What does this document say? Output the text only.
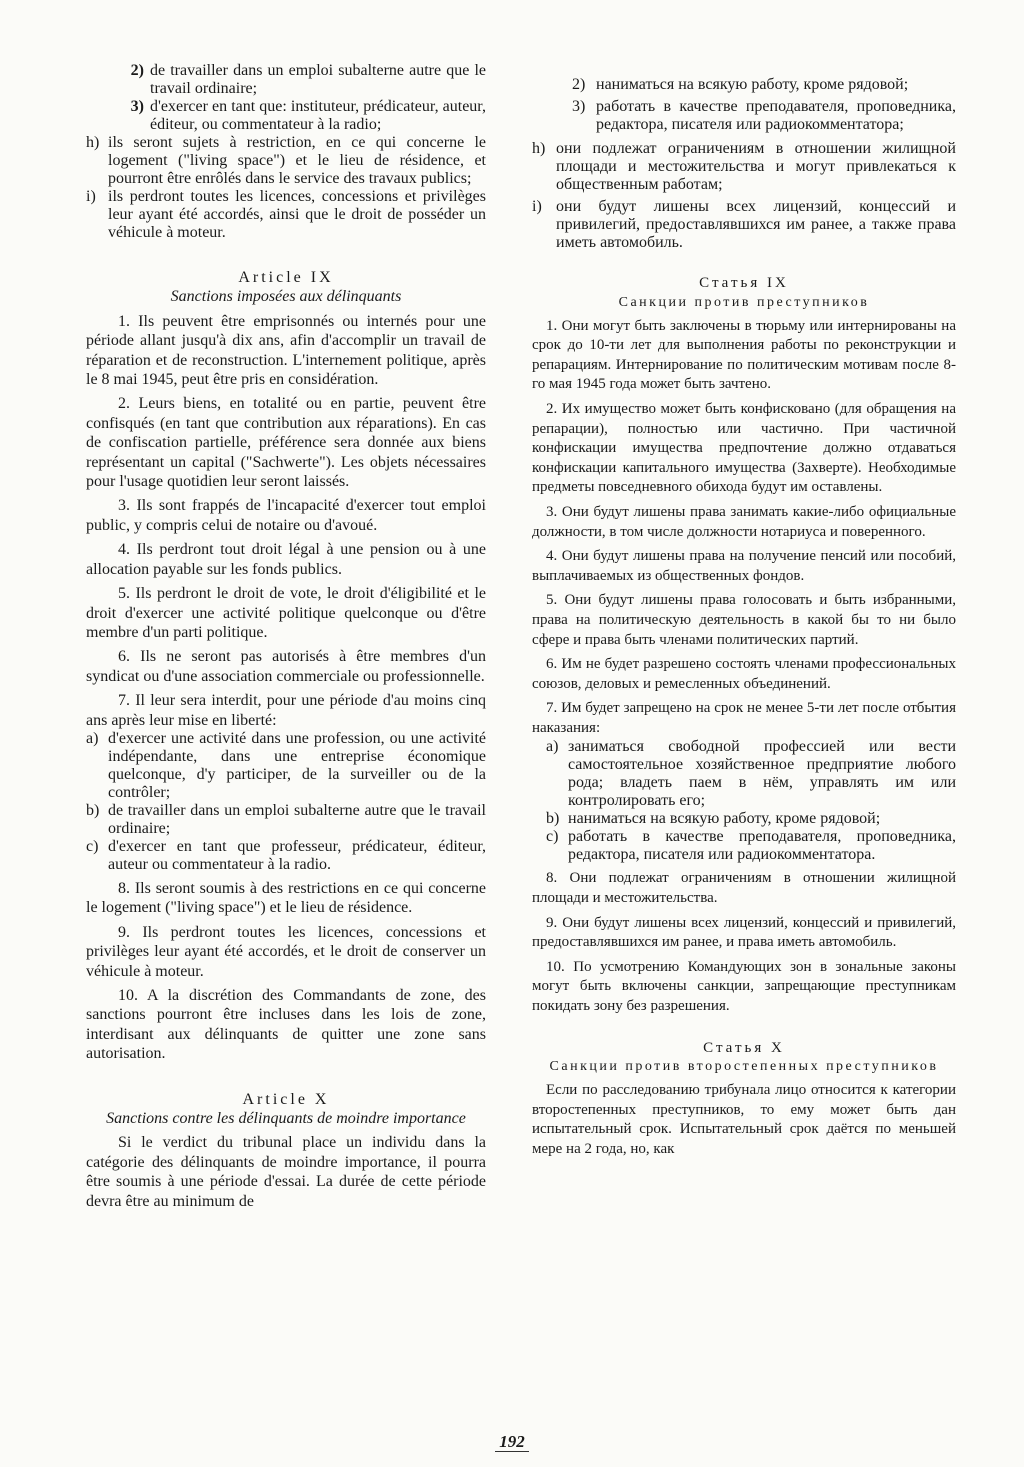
2) de travailler dans un emploi subalterne autre que le travail ordinaire;
3) d'exercer en tant que: instituteur, prédicateur, auteur, éditeur, ou commentateur à la radio;
h) ils seront sujets à restriction, en ce qui concerne le logement ("living space") et le lieu de résidence, et pourront être enrôlés dans le service des travaux publics;
i) ils perdront toutes les licences, concessions et privilèges leur ayant été accordés, ainsi que le droit de posséder un véhicule à moteur.

Article IX

Sanctions imposées aux délinquants

1. Ils peuvent être emprisonnés ou internés pour une période allant jusqu'à dix ans, afin d'accomplir un travail de réparation et de reconstruction. L'internement politique, après le 8 mai 1945, peut être pris en considération.

2. Leurs biens, en totalité ou en partie, peuvent être confisqués (en tant que contribution aux réparations). En cas de confiscation partielle, préférence sera donnée aux biens représentant un capital ("Sachwerte"). Les objets nécessaires pour l'usage quotidien leur seront laissés.

3. Ils sont frappés de l'incapacité d'exercer tout emploi public, y compris celui de notaire ou d'avoué.

4. Ils perdront tout droit légal à une pension ou à une allocation payable sur les fonds publics.

5. Ils perdront le droit de vote, le droit d'éligibilité et le droit d'exercer une activité politique quelconque ou d'être membre d'un parti politique.

6. Ils ne seront pas autorisés à être membres d'un syndicat ou d'une association commerciale ou professionnelle.

7. Il leur sera interdit, pour une période d'au moins cinq ans après leur mise en liberté:

a) d'exercer une activité dans une profession, ou une activité indépendante, dans une entreprise économique quelconque, d'y participer, de la surveiller ou de la contrôler;
b) de travailler dans un emploi subalterne autre que le travail ordinaire;
c) d'exercer en tant que professeur, prédicateur, éditeur, auteur ou commentateur à la radio.

8. Ils seront soumis à des restrictions en ce qui concerne le logement ("living space") et le lieu de résidence.

9. Ils perdront toutes les licences, concessions et privilèges leur ayant été accordés, et le droit de conserver un véhicule à moteur.

10. A la discrétion des Commandants de zone, des sanctions pourront être incluses dans les lois de zone, interdisant aux délinquants de quitter une zone sans autorisation.

Article X

Sanctions contre les délinquants de moindre importance

Si le verdict du tribunal place un individu dans la catégorie des délinquants de moindre importance, il pourra être soumis à une période d'essai. La durée de cette période devra être au minimum de

2) наниматься на всякую работу, кроме рядовой;
3) работать в качестве преподавателя, проповедника, редактора, писателя или радиокомментатора;
h) они подлежат ограничениям в отношении жилищной площади и местожительства и могут привлекаться к общественным работам;
i) они будут лишены всех лицензий, концессий и привилегий, предоставлявшихся им ранее, а также права иметь автомобиль.

Статья IX

Санкции против преступников

1. Они могут быть заключены в тюрьму или интернированы на срок до 10-ти лет для выполнения работы по реконструкции и репарациям. Интернирование по политическим мотивам после 8-го мая 1945 года может быть зачтено.

2. Их имущество может быть конфисковано (для обращения на репарации), полностью или частично. При частичной конфискации имущества предпочтение должно отдаваться конфискации капитального имущества (Захверте). Необходимые предметы повседневного обихода будут им оставлены.

3. Они будут лишены права занимать какие-либо официальные должности, в том числе должности нотариуса и поверенного.

4. Они будут лишены права на получение пенсий или пособий, выплачиваемых из общественных фондов.

5. Они будут лишены права голосовать и быть избранными, права на политическую деятельность в какой бы то ни было сфере и права быть членами политических партий.

6. Им не будет разрешено состоять членами профессиональных союзов, деловых и ремесленных объединений.

7. Им будет запрещено на срок не менее 5-ти лет после отбытия наказания:

a) заниматься свободной профессией или вести самостоятельное хозяйственное предприятие любого рода; владеть паем в нём, управлять им или контролировать его;
b) наниматься на всякую работу, кроме рядовой;
c) работать в качестве преподавателя, проповедника, редактора, писателя или радиокомментатора.

8. Они подлежат ограничениям в отношении жилищной площади и местожительства.

9. Они будут лишены всех лицензий, концессий и привилегий, предоставлявшихся им ранее, и права иметь автомобиль.

10. По усмотрению Командующих зон в зональные законы могут быть включены санкции, запрещающие преступникам покидать зону без разрешения.

Статья X

Санкции против второстепенных преступников

Если по расследованию трибунала лицо относится к категории второстепенных преступников, то ему может быть дан испытательный срок. Испытательный срок даётся по меньшей мере на 2 года, но, как

192
